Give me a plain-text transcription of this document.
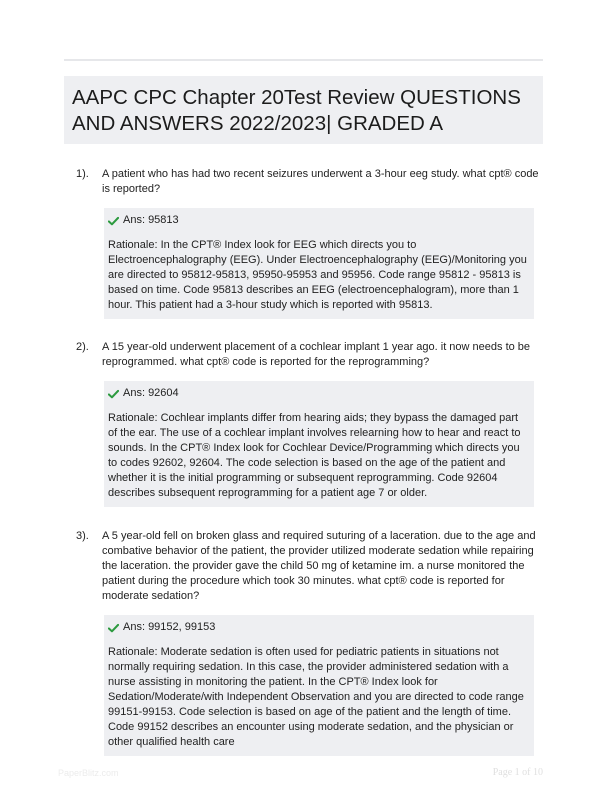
AAPC CPC Chapter 20Test Review QUESTIONS AND ANSWERS 2022/2023| GRADED A
1). A patient who has had two recent seizures underwent a 3-hour eeg study. what cpt® code is reported?
Ans: 95813
Rationale: In the CPT® Index look for EEG which directs you to Electroencephalography (EEG). Under Electroencephalography (EEG)/Monitoring you are directed to 95812-95813, 95950-95953 and 95956. Code range 95812 - 95813 is based on time. Code 95813 describes an EEG (electroencephalogram), more than 1 hour. This patient had a 3-hour study which is reported with 95813.
2). A 15 year-old underwent placement of a cochlear implant 1 year ago. it now needs to be reprogrammed. what cpt® code is reported for the reprogramming?
Ans: 92604
Rationale: Cochlear implants differ from hearing aids; they bypass the damaged part of the ear. The use of a cochlear implant involves relearning how to hear and react to sounds. In the CPT® Index look for Cochlear Device/Programming which directs you to codes 92602, 92604. The code selection is based on the age of the patient and whether it is the initial programming or subsequent reprogramming. Code 92604 describes subsequent reprogramming for a patient age 7 or older.
3). A 5 year-old fell on broken glass and required suturing of a laceration. due to the age and combative behavior of the patient, the provider utilized moderate sedation while repairing the laceration. the provider gave the child 50 mg of ketamine im. a nurse monitored the patient during the procedure which took 30 minutes. what cpt® code is reported for moderate sedation?
Ans: 99152, 99153
Rationale: Moderate sedation is often used for pediatric patients in situations not normally requiring sedation. In this case, the provider administered sedation with a nurse assisting in monitoring the patient. In the CPT® Index look for Sedation/Moderate/with Independent Observation and you are directed to code range 99151-99153. Code selection is based on age of the patient and the length of time. Code 99152 describes an encounter using moderate sedation, and the physician or other qualified health care
PaperBlitz.com	Page 1 of 10
